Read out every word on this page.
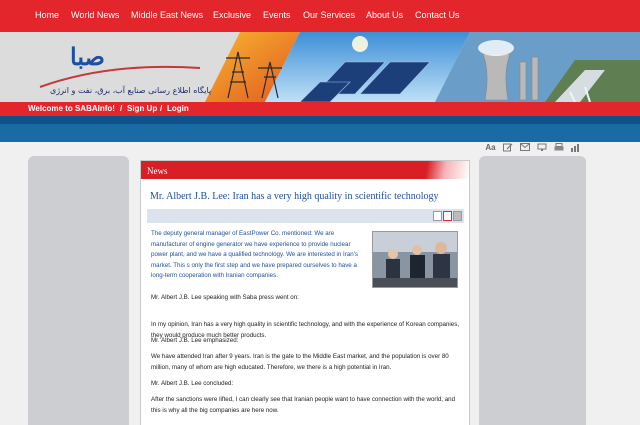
Home World News Middle East News Exclusive Events Our Services About Us Contact Us
صبا
پایگاه اطلاع رسانی صنایع آب، برق، نفت و انرژی
Welcome to SABAInfo! / Sign Up / Login
Aa
News
Mr. Albert J.B. Lee: Iran has a very high quality in scientific technology
The deputy general manager of EastPower Co. mentioned: We are manufacturer of engine generator we have experience to provide nuclear power plant, and we have a qualified technology. We are interested in Iran's market. This s only the first step and we have prepared ourselves to have a long-term cooperation with Iranian companies.
Mr. Albert J.B. Lee speaking with Saba press went on:
In my opinion, Iran has a very high quality in scientific technology, and with the experience of Korean companies, they would produce much better products.
Mr. Albert J.B. Lee emphasized:
We have attended Iran after 9 years. Iran is the gate to the Middle East market, and the population is over 80 million, many of whom are high educated. Therefore, we there is a high potential in Iran.
Mr. Albert J.B. Lee concluded:
After the sanctions were lifted, I can clearly see that Iranian people want to have connection with the world, and this is why all the big companies are here now.
